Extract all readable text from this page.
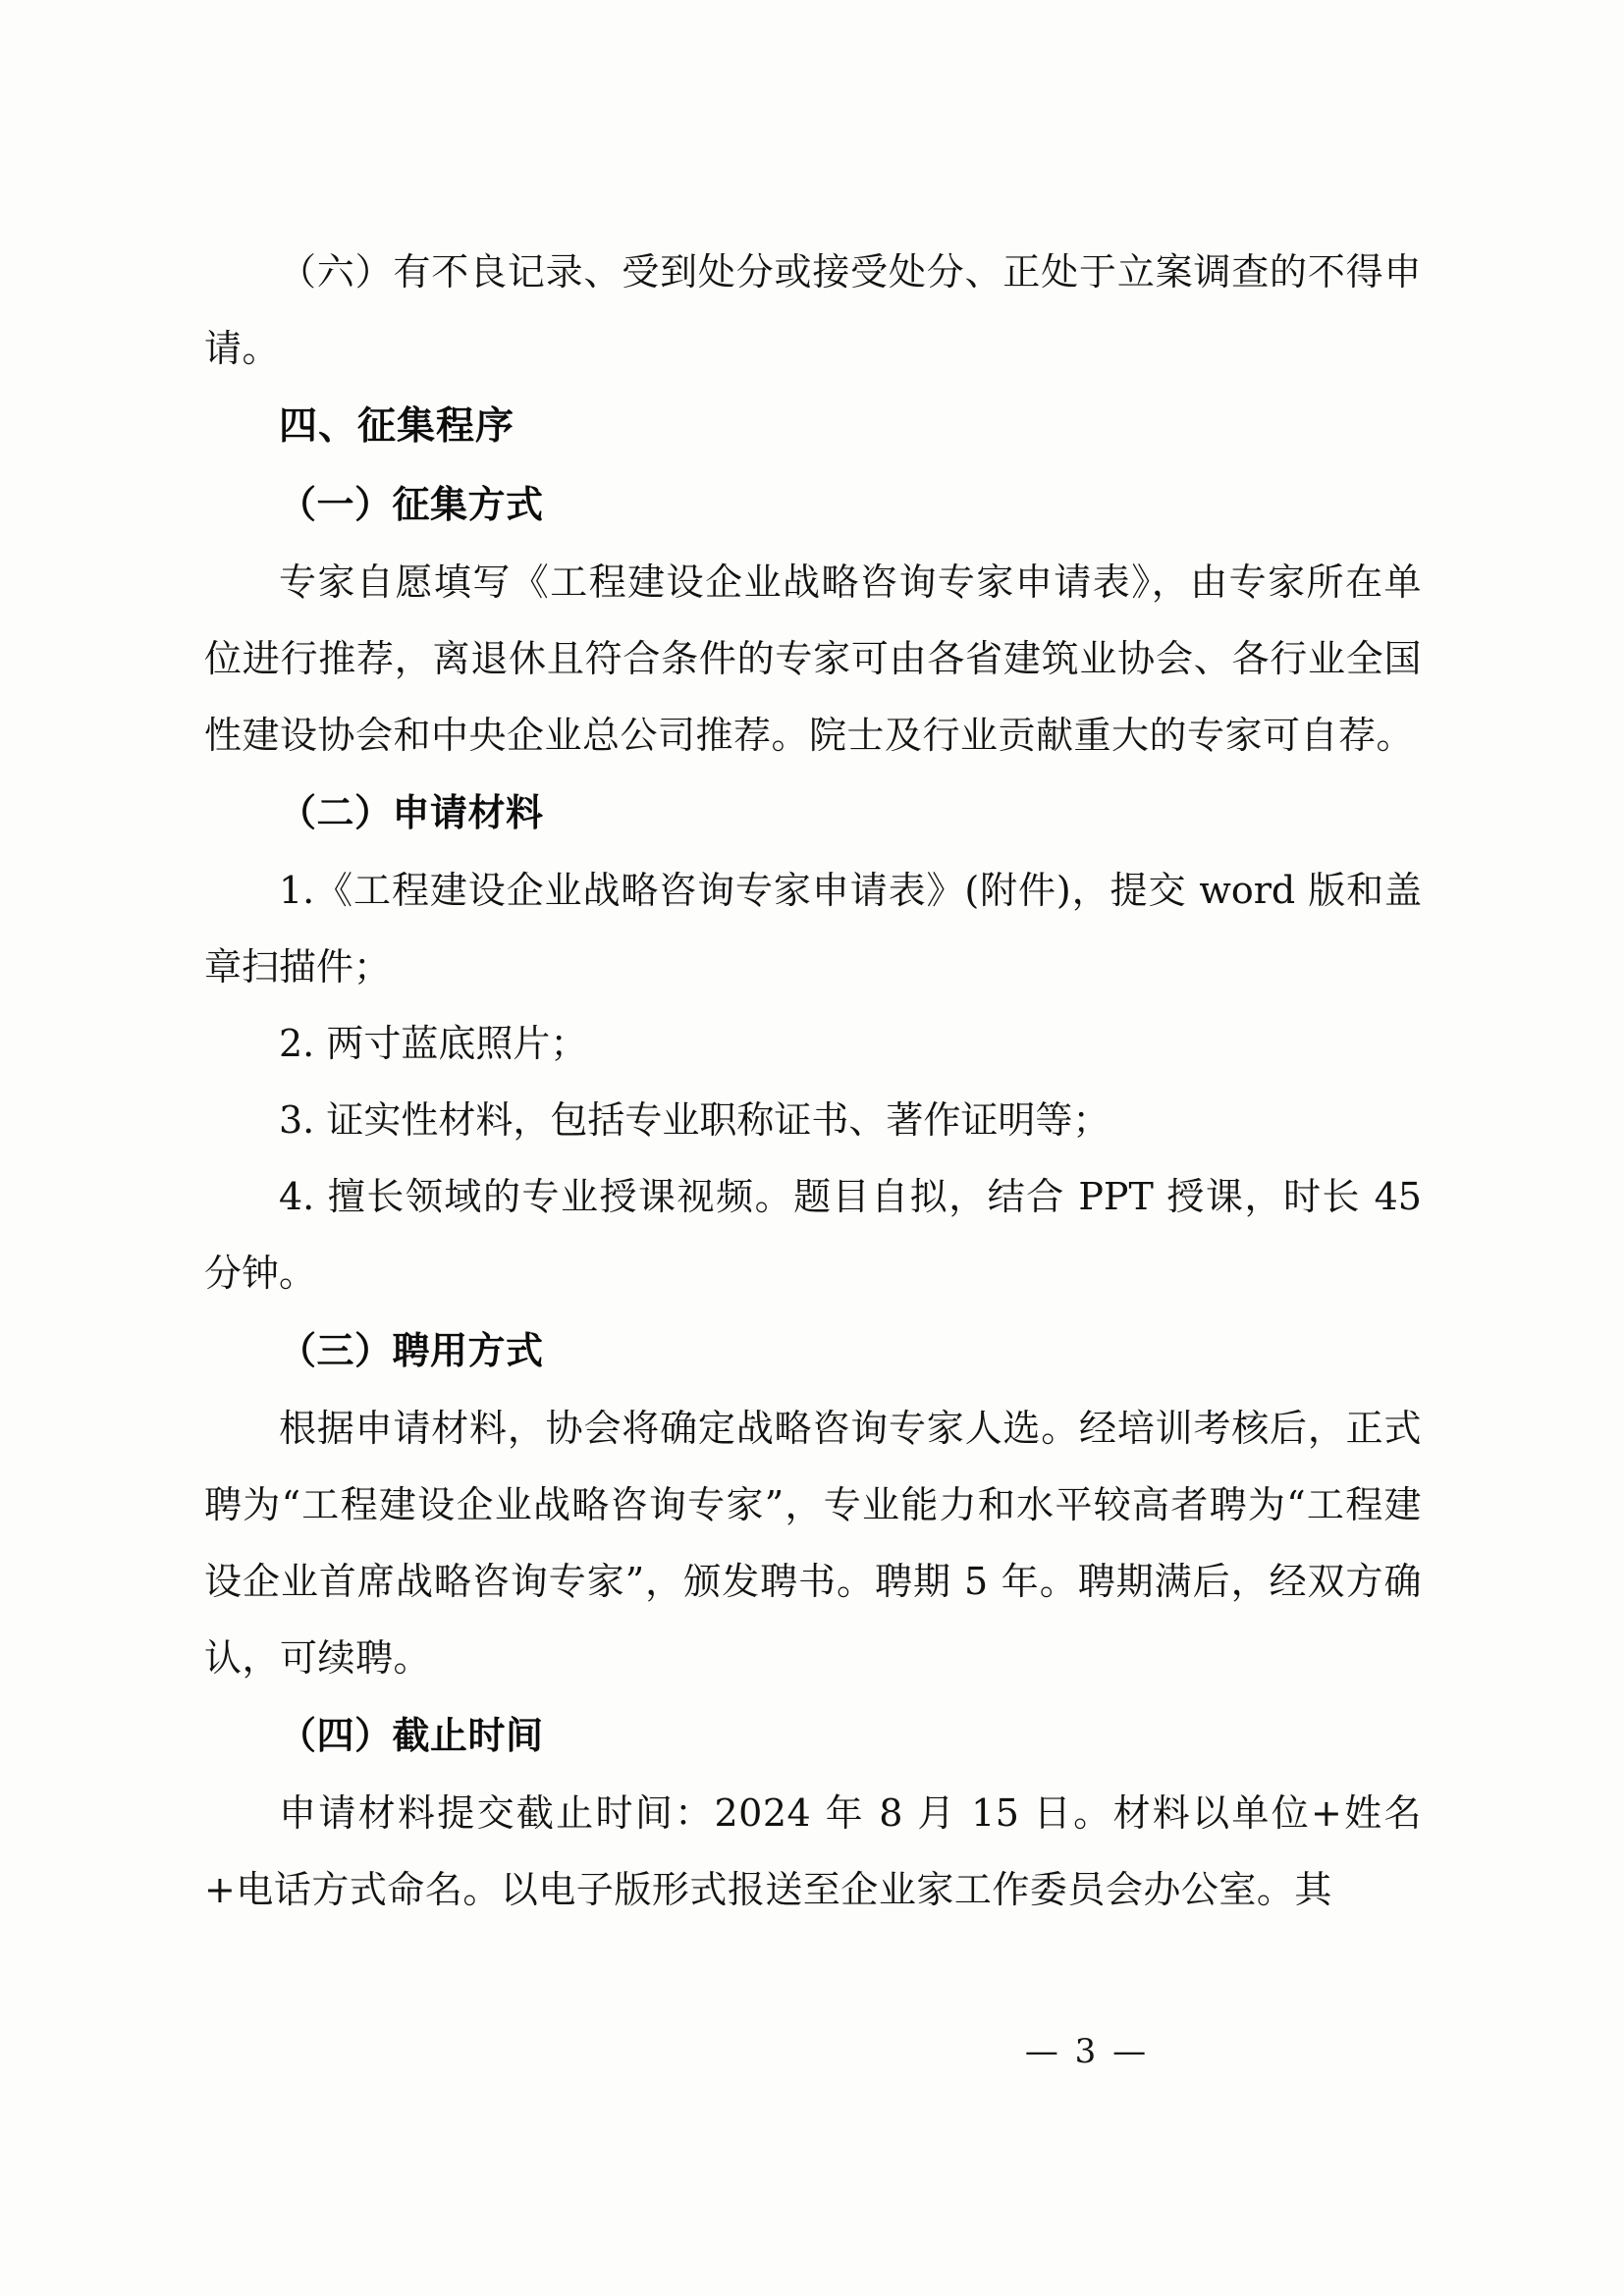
（六）有不良记录、受到处分或接受处分、正处于立案调查的不得申请。

四、征集程序

（一）征集方式

专家自愿填写《工程建设企业战略咨询专家申请表》，由专家所在单位进行推荐，离退休且符合条件的专家可由各省建筑业协会、各行业全国性建设协会和中央企业总公司推荐。院士及行业贡献重大的专家可自荐。

（二）申请材料

1.《工程建设企业战略咨询专家申请表》(附件)，提交 word 版和盖章扫描件；

2. 两寸蓝底照片；

3. 证实性材料，包括专业职称证书、著作证明等；

4. 擅长领域的专业授课视频。题目自拟，结合 PPT 授课，时长 45 分钟。

（三）聘用方式

根据申请材料，协会将确定战略咨询专家人选。经培训考核后，正式聘为“工程建设企业战略咨询专家”，专业能力和水平较高者聘为“工程建设企业首席战略咨询专家”，颁发聘书。聘期 5 年。聘期满后，经双方确认，可续聘。

（四）截止时间

申请材料提交截止时间：2024 年 8 月 15 日。材料以单位+姓名+电话方式命名。以电子版形式报送至企业家工作委员会办公室。其

— 3 —
